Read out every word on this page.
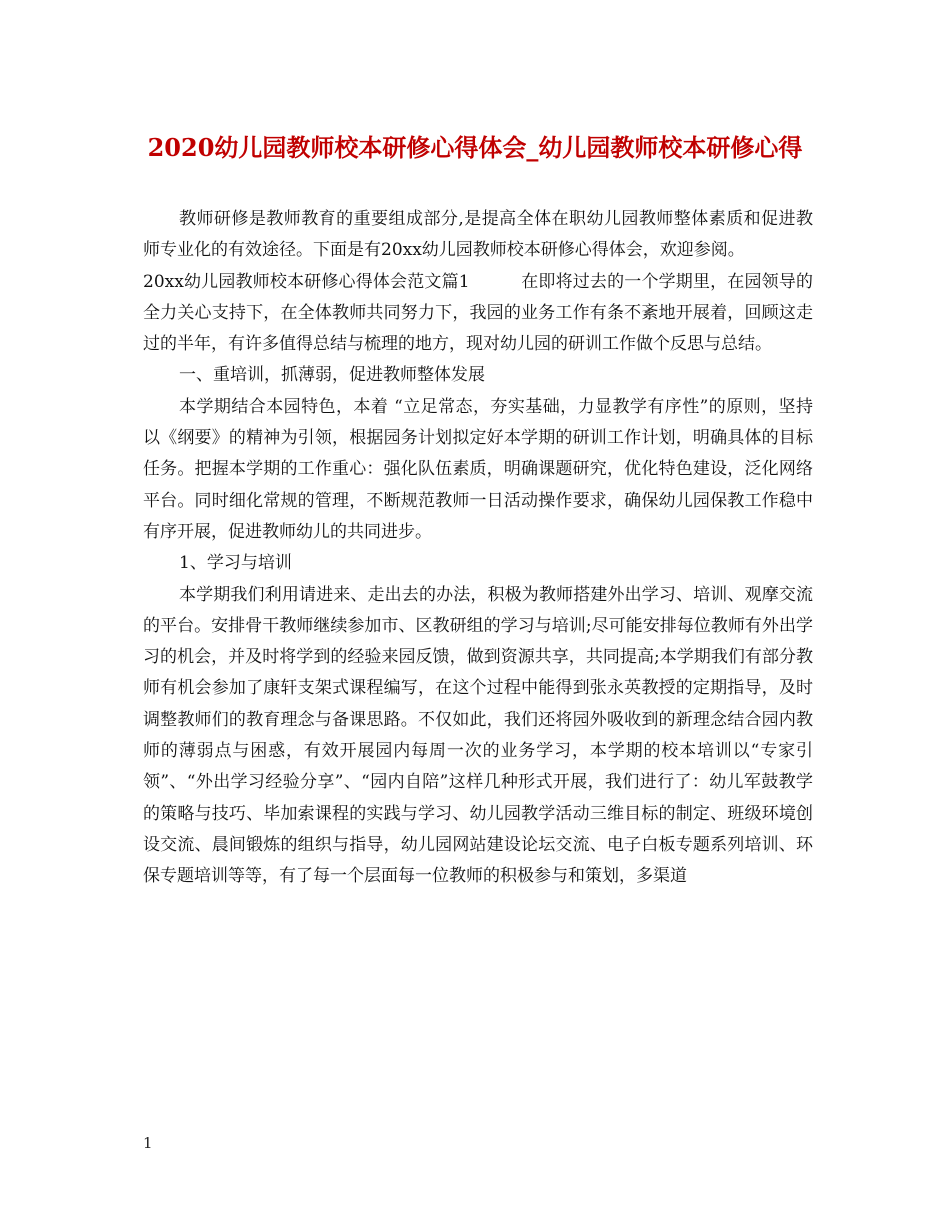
2020幼儿园教师校本研修心得体会_幼儿园教师校本研修心得

教师研修是教师教育的重要组成部分,是提高全体在职幼儿园教师整体素质和促进教师专业化的有效途径。下面是有20xx幼儿园教师校本研修心得体会，欢迎参阅。

20xx幼儿园教师校本研修心得体会范文篇1　　　在即将过去的一个学期里，在园领导的全力关心支持下，在全体教师共同努力下，我园的业务工作有条不紊地开展着，回顾这走过的半年，有许多值得总结与梳理的地方，现对幼儿园的研训工作做个反思与总结。

一、重培训，抓薄弱，促进教师整体发展

本学期结合本园特色，本着 “立足常态，夯实基础，力显教学有序性”的原则，坚持以《纲要》的精神为引领，根据园务计划拟定好本学期的研训工作计划，明确具体的目标任务。把握本学期的工作重心：强化队伍素质，明确课题研究，优化特色建设，泛化网络平台。同时细化常规的管理，不断规范教师一日活动操作要求，确保幼儿园保教工作稳中有序开展，促进教师幼儿的共同进步。

1、学习与培训

本学期我们利用请进来、走出去的办法，积极为教师搭建外出学习、培训、观摩交流的平台。安排骨干教师继续参加市、区教研组的学习与培训;尽可能安排每位教师有外出学习的机会，并及时将学到的经验来园反馈，做到资源共享，共同提高;本学期我们有部分教师有机会参加了康轩支架式课程编写，在这个过程中能得到张永英教授的定期指导，及时调整教师们的教育理念与备课思路。不仅如此，我们还将园外吸收到的新理念结合园内教师的薄弱点与困惑，有效开展园内每周一次的业务学习，本学期的校本培训以“专家引领”、“外出学习经验分享”、“园内自陪”这样几种形式开展，我们进行了：幼儿军鼓教学的策略与技巧、毕加索课程的实践与学习、幼儿园教学活动三维目标的制定、班级环境创设交流、晨间锻炼的组织与指导，幼儿园网站建设论坛交流、电子白板专题系列培训、环保专题培训等等，有了每一个层面每一位教师的积极参与和策划，多渠道

1
